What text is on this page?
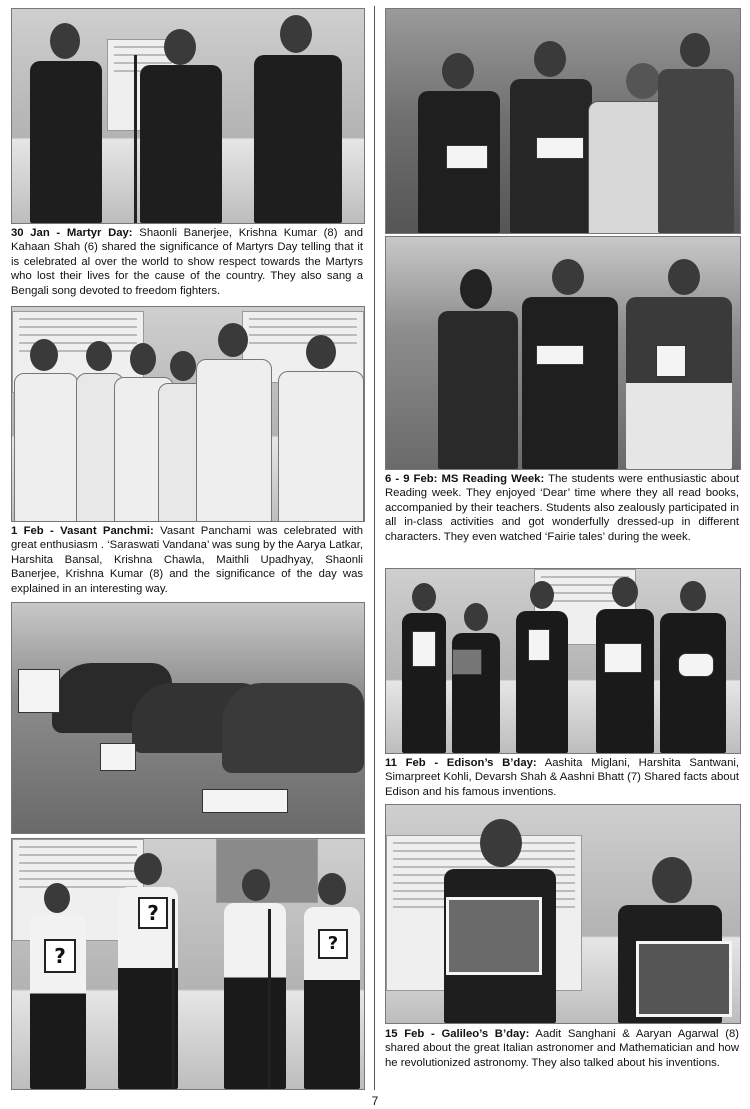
30 Jan - Martyr Day: Shaonli Banerjee, Krishna Kumar (8) and Kahaan Shah (6) shared the significance of Martyrs Day telling that it is celebrated al over the world to show respect towards the Martyrs who lost their lives for the cause of the country. They also sang a Bengali song devoted to freedom fighters.

1 Feb - Vasant Panchmi: Vasant Panchami was celebrated with great enthusiasm . ‘Saraswati Vandana’ was sung by the Aarya Latkar, Harshita Bansal, Krishna Chawla, Maithli Upadhyay, Shaonli Banerjee, Krishna Kumar (8) and the significance of the day was explained in an interesting way.

?
?
?

6 - 9 Feb: MS Reading Week: The students were enthusiastic about Reading week. They enjoyed ‘Dear’ time where they all read books, accompanied by their teachers. Students also zealously participated in all in-class activities and got wonderfully dressed-up in different characters. They even watched ‘Fairie tales’ during the week.

11 Feb - Edison’s B’day: Aashita Miglani, Harshita Santwani, Simarpreet Kohli, Devarsh Shah & Aashni Bhatt (7) Shared facts about Edison and his famous inventions.

15 Feb - Galileo’s B’day: Aadit Sanghani & Aaryan Agarwal (8) shared about the great Italian astronomer and Mathematician and how he revolutionized astronomy. They also talked about his inventions.

7
